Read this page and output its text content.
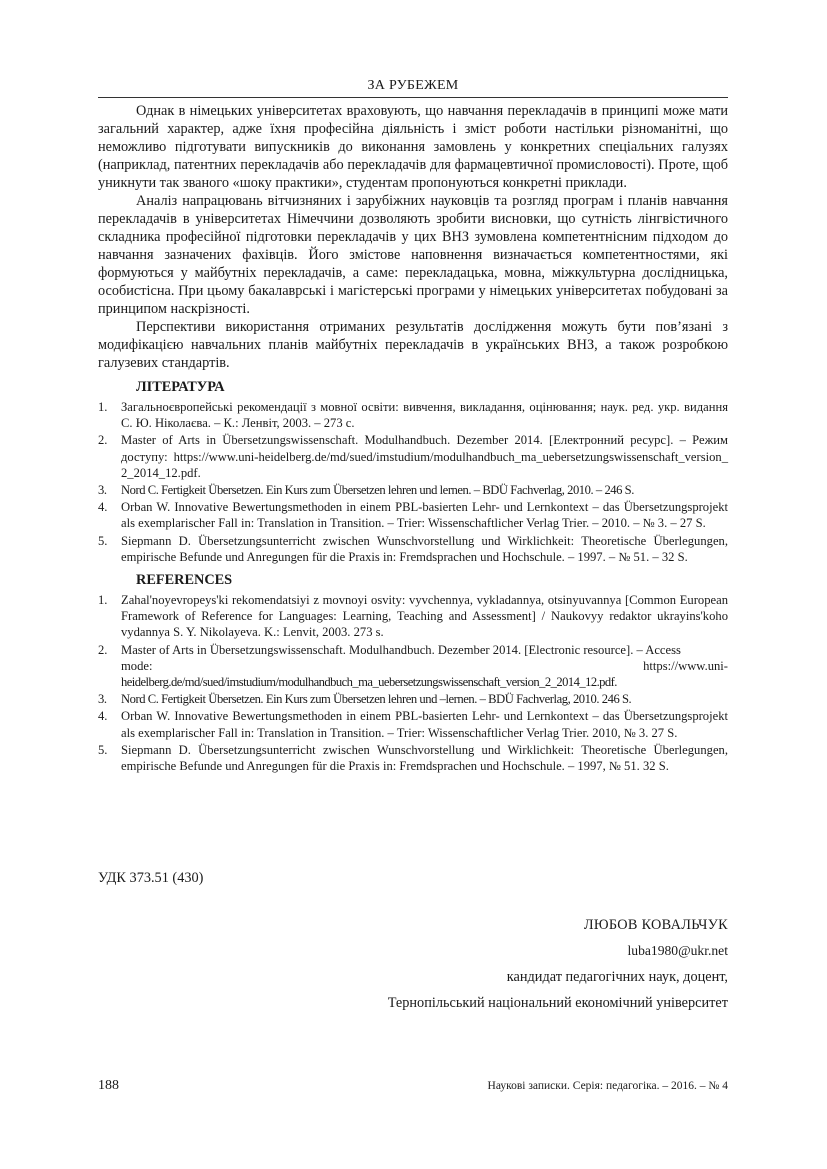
ЗА РУБЕЖЕМ

Однак в німецьких університетах враховують, що навчання перекладачів в принципі може мати загальний характер, адже їхня професійна діяльність і зміст роботи настільки різноманітні, що неможливо підготувати випускників до виконання замовлень у конкретних спеціальних галузях (наприклад, патентних перекладачів або перекладачів для фармацевтичної промисловості). Проте, щоб уникнути так званого «шоку практики», студентам пропонуються конкретні приклади.

Аналіз напрацювань вітчизняних і зарубіжних науковців та розгляд програм і планів навчання перекладачів в університетах Німеччини дозволяють зробити висновки, що сутність лінгвістичного складника професійної підготовки перекладачів у цих ВНЗ зумовлена компетентнісним підходом до навчання зазначених фахівців. Його змістове наповнення визначається компетентностями, які формуються у майбутніх перекладачів, а саме: перекладацька, мовна, міжкультурна дослідницька, особистісна. При цьому бакалаврські і магістерські програми у німецьких університетах побудовані за принципом наскрізності.

Перспективи використання отриманих результатів дослідження можуть бути пов’язані з модифікацією навчальних планів майбутніх перекладачів в українських ВНЗ, а також розробкою галузевих стандартів.

ЛІТЕРАТУРА
1. Загальноєвропейські рекомендації з мовної освіти: вивчення, викладання, оцінювання; наук. ред. укр. видання С. Ю. Ніколаєва. – К.: Ленвіт, 2003. – 273 с.
2. Master of Arts in Übersetzungswissenschaft. Modulhandbuch. Dezember 2014. [Електронний ресурс]. – Режим доступу: https://www.uni-heidelberg.de/md/sued/imstudium/modulhandbuch_ma_uebersetzungswissenschaft_version_2_2014_12.pdf.
3. Nord C. Fertigkeit Übersetzen. Ein Kurs zum Übersetzen lehren und lernen. – BDÜ Fachverlag, 2010. – 246 S.
4. Orban W. Innovative Bewertungsmethoden in einem PBL-basierten Lehr- und Lernkontext – das Übersetzungsprojekt als exemplarischer Fall in: Translation in Transition. – Trier: Wissenschaftlicher Verlag Trier. – 2010. – № 3. – 27 S.
5. Siepmann D. Übersetzungsunterricht zwischen Wunschvorstellung und Wirklichkeit: Theoretische Überlegungen, empirische Befunde und Anregungen für die Praxis in: Fremdsprachen und Hochschule. – 1997. – № 51. – 32 S.
REFERENCES
1. Zahal'noyevropeys'ki rekomendatsiyi z movnoyi osvity: vyvchennya, vykladannya, otsinyuvannya [Common European Framework of Reference for Languages: Learning, Teaching and Assessment] / Naukovyy redaktor ukrayins'koho vydannya S. Y. Nikolayeva. K.: Lenvit, 2003. 273 s.
2. Master of Arts in Übersetzungswissenschaft. Modulhandbuch. Dezember 2014. [Electronic resource]. – Access
mode:	https://www.uni-
heidelberg.de/md/sued/imstudium/modulhandbuch_ma_uebersetzungswissenschaft_version_2_2014_12.pdf.
3. Nord C. Fertigkeit Übersetzen. Ein Kurs zum Übersetzen lehren und –lernen. – BDÜ Fachverlag, 2010. 246 S.
4. Orban W. Innovative Bewertungsmethoden in einem PBL-basierten Lehr- und Lernkontext – das Übersetzungsprojekt als exemplarischer Fall in: Translation in Transition. – Trier: Wissenschaftlicher Verlag Trier. 2010, № 3. 27 S.
5. Siepmann D. Übersetzungsunterricht zwischen Wunschvorstellung und Wirklichkeit: Theoretische Überlegungen, empirische Befunde und Anregungen für die Praxis in: Fremdsprachen und Hochschule. – 1997, № 51. 32 S.
УДК 373.51 (430)
ЛЮБОВ КОВАЛЬЧУК
luba1980@ukr.net
кандидат педагогічних наук, доцент,
Тернопільський національний економічний університет
188	Наукові записки. Серія: педагогіка. – 2016. – № 4
